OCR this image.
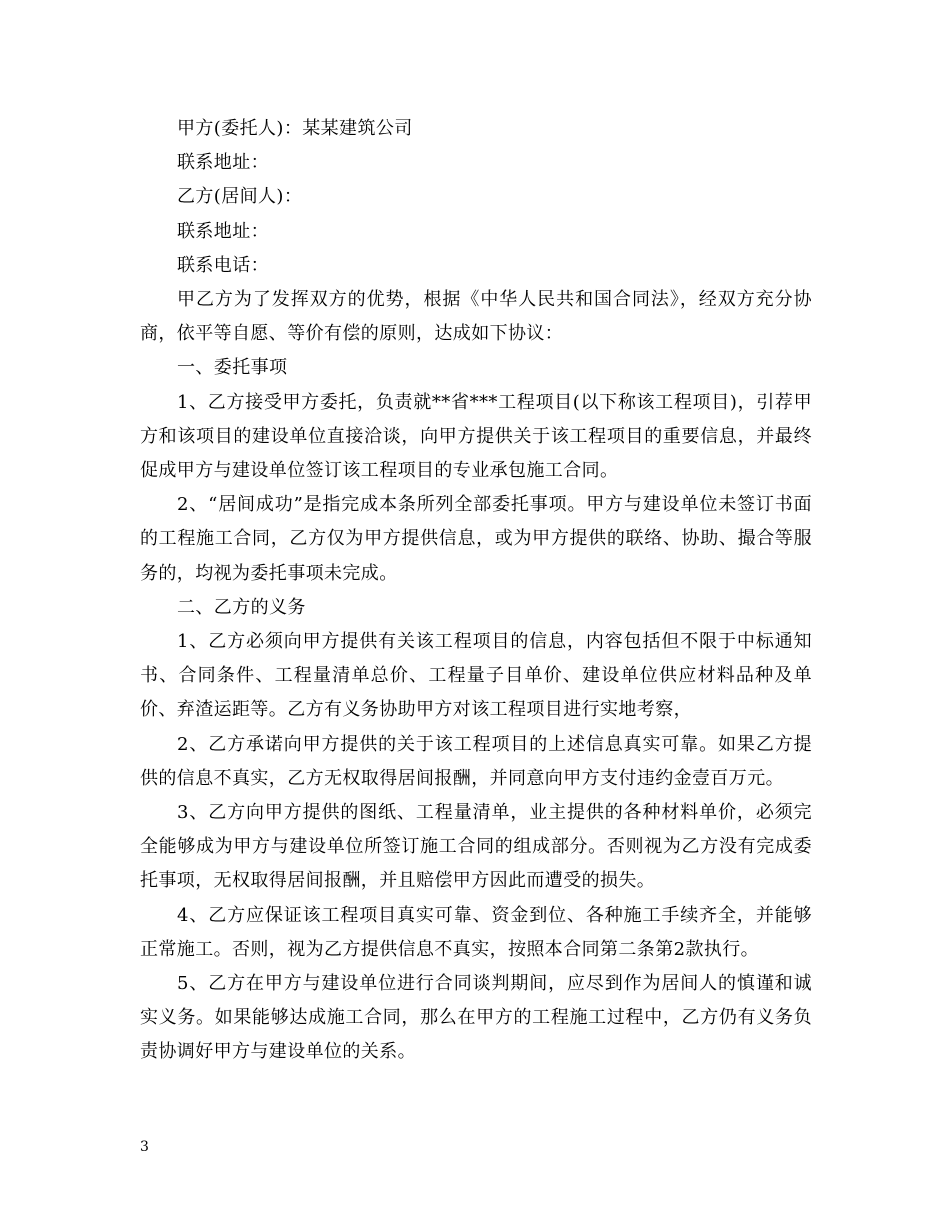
甲方(委托人)：某某建筑公司

联系地址：

乙方(居间人)：

联系地址：

联系电话：

甲乙方为了发挥双方的优势，根据《中华人民共和国合同法》，经双方充分协商，依平等自愿、等价有偿的原则，达成如下协议：

一、委托事项

1、乙方接受甲方委托，负责就**省***工程项目(以下称该工程项目)，引荐甲方和该项目的建设单位直接洽谈，向甲方提供关于该工程项目的重要信息，并最终促成甲方与建设单位签订该工程项目的专业承包施工合同。

2、“居间成功”是指完成本条所列全部委托事项。甲方与建设单位未签订书面的工程施工合同，乙方仅为甲方提供信息，或为甲方提供的联络、协助、撮合等服务的，均视为委托事项未完成。

二、乙方的义务

1、乙方必须向甲方提供有关该工程项目的信息，内容包括但不限于中标通知书、合同条件、工程量清单总价、工程量子目单价、建设单位供应材料品种及单价、弃渣运距等。乙方有义务协助甲方对该工程项目进行实地考察，

2、乙方承诺向甲方提供的关于该工程项目的上述信息真实可靠。如果乙方提供的信息不真实，乙方无权取得居间报酬，并同意向甲方支付违约金壹百万元。

3、乙方向甲方提供的图纸、工程量清单，业主提供的各种材料单价，必须完全能够成为甲方与建设单位所签订施工合同的组成部分。否则视为乙方没有完成委托事项，无权取得居间报酬，并且赔偿甲方因此而遭受的损失。

4、乙方应保证该工程项目真实可靠、资金到位、各种施工手续齐全，并能够正常施工。否则，视为乙方提供信息不真实，按照本合同第二条第2款执行。

5、乙方在甲方与建设单位进行合同谈判期间，应尽到作为居间人的慎谨和诚实义务。如果能够达成施工合同，那么在甲方的工程施工过程中，乙方仍有义务负责协调好甲方与建设单位的关系。

3
